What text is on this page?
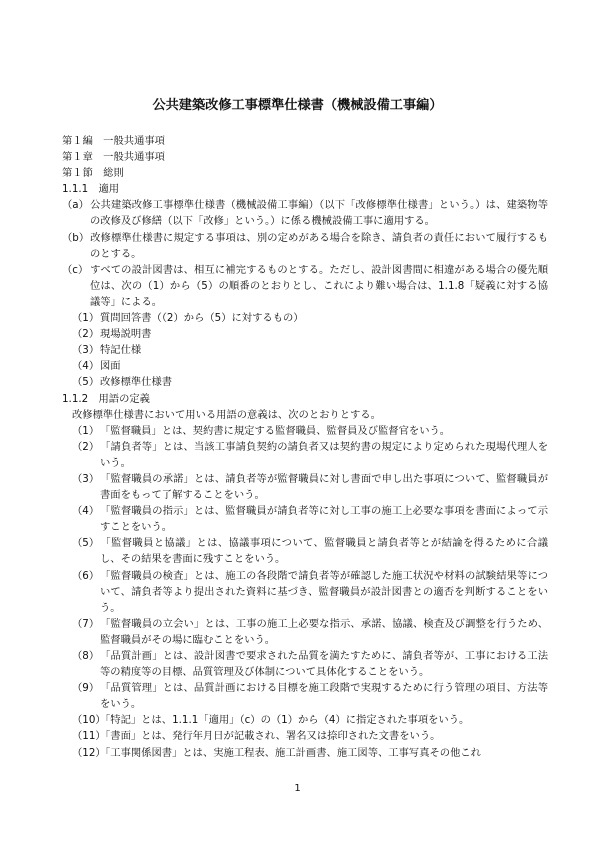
公共建築改修工事標準仕様書（機械設備工事編）
第１編　一般共通事項
第１章　一般共通事項
第１節　総則
1.1.1　適用
（a）公共建築改修工事標準仕様書（機械設備工事編）（以下「改修標準仕様書」という。）は、建築物等の改修及び修繕（以下「改修」という。）に係る機械設備工事に適用する。
（b）改修標準仕様書に規定する事項は、別の定めがある場合を除き、請負者の責任において履行するものとする。
（c） すべての設計図書は、相互に補完するものとする。ただし、設計図書間に相違がある場合の優先順位は、次の（1）から（5）の順番のとおりとし、これにより難い場合は、1.1.8「疑義に対する協議等」による。
（1）質問回答書（（2）から（5）に対するもの）
（2）現場説明書
（3）特記仕様
（4）図面
（5）改修標準仕様書
1.1.2　用語の定義
改修標準仕様書において用いる用語の意義は、次のとおりとする。
（1）「監督職員」とは、契約書に規定する監督職員、監督員及び監督官をいう。
（2）「請負者等」とは、当該工事請負契約の請負者又は契約書の規定により定められた現場代理人をいう。
（3）「監督職員の承諾」とは、請負者等が監督職員に対し書面で申し出た事項について、監督職員が書面をもって了解することをいう。
（4）「監督職員の指示」とは、監督職員が請負者等に対し工事の施工上必要な事項を書面によって示すことをいう。
（5）「監督職員と協議」とは、協議事項について、監督職員と請負者等とが結論を得るために合議し、その結果を書面に残すことをいう。
（6）「監督職員の検査」とは、施工の各段階で請負者等が確認した施工状況や材料の試験結果等について、請負者等より提出された資料に基づき、監督職員が設計図書との適否を判断することをいう。
（7）「監督職員の立会い」とは、工事の施工上必要な指示、承諾、協議、検査及び調整を行うため、監督職員がその場に臨むことをいう。
（8）「品質計画」とは、設計図書で要求された品質を満たすために、請負者等が、工事における工法等の精度等の目標、品質管理及び体制について具体化することをいう。
（9）「品質管理」とは、品質計画における目標を施工段階で実現するために行う管理の項目、方法等をいう。
（10）「特記」とは、1.1.1「適用」（c）の（1）から（4）に指定された事項をいう。
（11）「書面」とは、発行年月日が記載され、署名又は捺印された文書をいう。
（12）「工事関係図書」とは、実施工程表、施工計画書、施工図等、工事写真その他これ
1
